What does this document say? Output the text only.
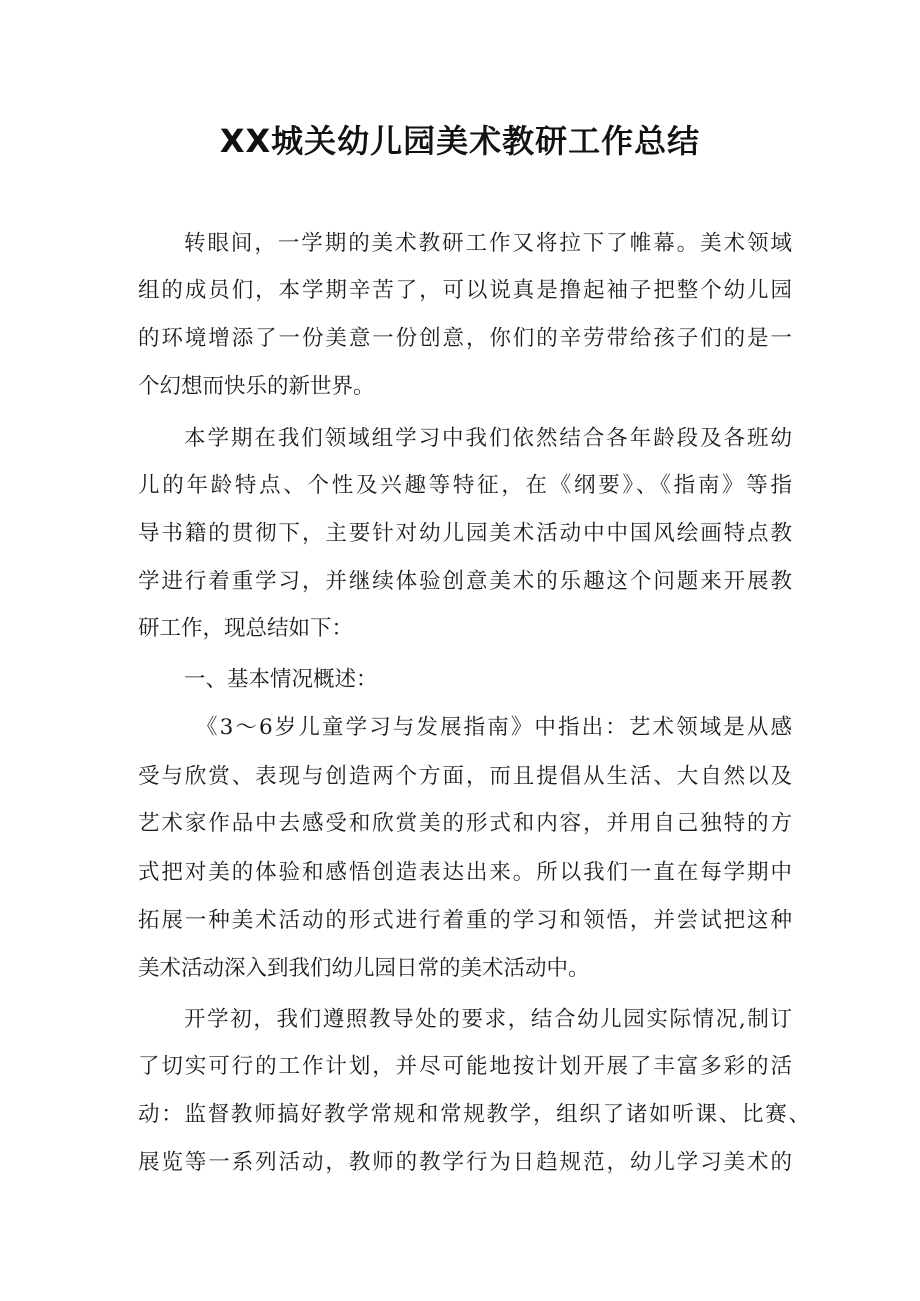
XX城关幼儿园美术教研工作总结
转眼间，一学期的美术教研工作又将拉下了帷幕。美术领域
组的成员们，本学期辛苦了，可以说真是撸起袖子把整个幼儿园
的环境增添了一份美意一份创意，你们的辛劳带给孩子们的是一
个幻想而快乐的新世界。
本学期在我们领域组学习中我们依然结合各年龄段及各班幼
儿的年龄特点、个性及兴趣等特征，在《纲要》、《指南》等指
导书籍的贯彻下，主要针对幼儿园美术活动中中国风绘画特点教
学进行着重学习，并继续体验创意美术的乐趣这个问题来开展教
研工作，现总结如下：
一、基本情况概述：
《3～6岁儿童学习与发展指南》中指出：艺术领域是从感
受与欣赏、表现与创造两个方面，而且提倡从生活、大自然以及
艺术家作品中去感受和欣赏美的形式和内容，并用自己独特的方
式把对美的体验和感悟创造表达出来。所以我们一直在每学期中
拓展一种美术活动的形式进行着重的学习和领悟，并尝试把这种
美术活动深入到我们幼儿园日常的美术活动中。
开学初，我们遵照教导处的要求，结合幼儿园实际情况,制订
了切实可行的工作计划，并尽可能地按计划开展了丰富多彩的活
动：监督教师搞好教学常规和常规教学，组织了诸如听课、比赛、
展览等一系列活动，教师的教学行为日趋规范，幼儿学习美术的
